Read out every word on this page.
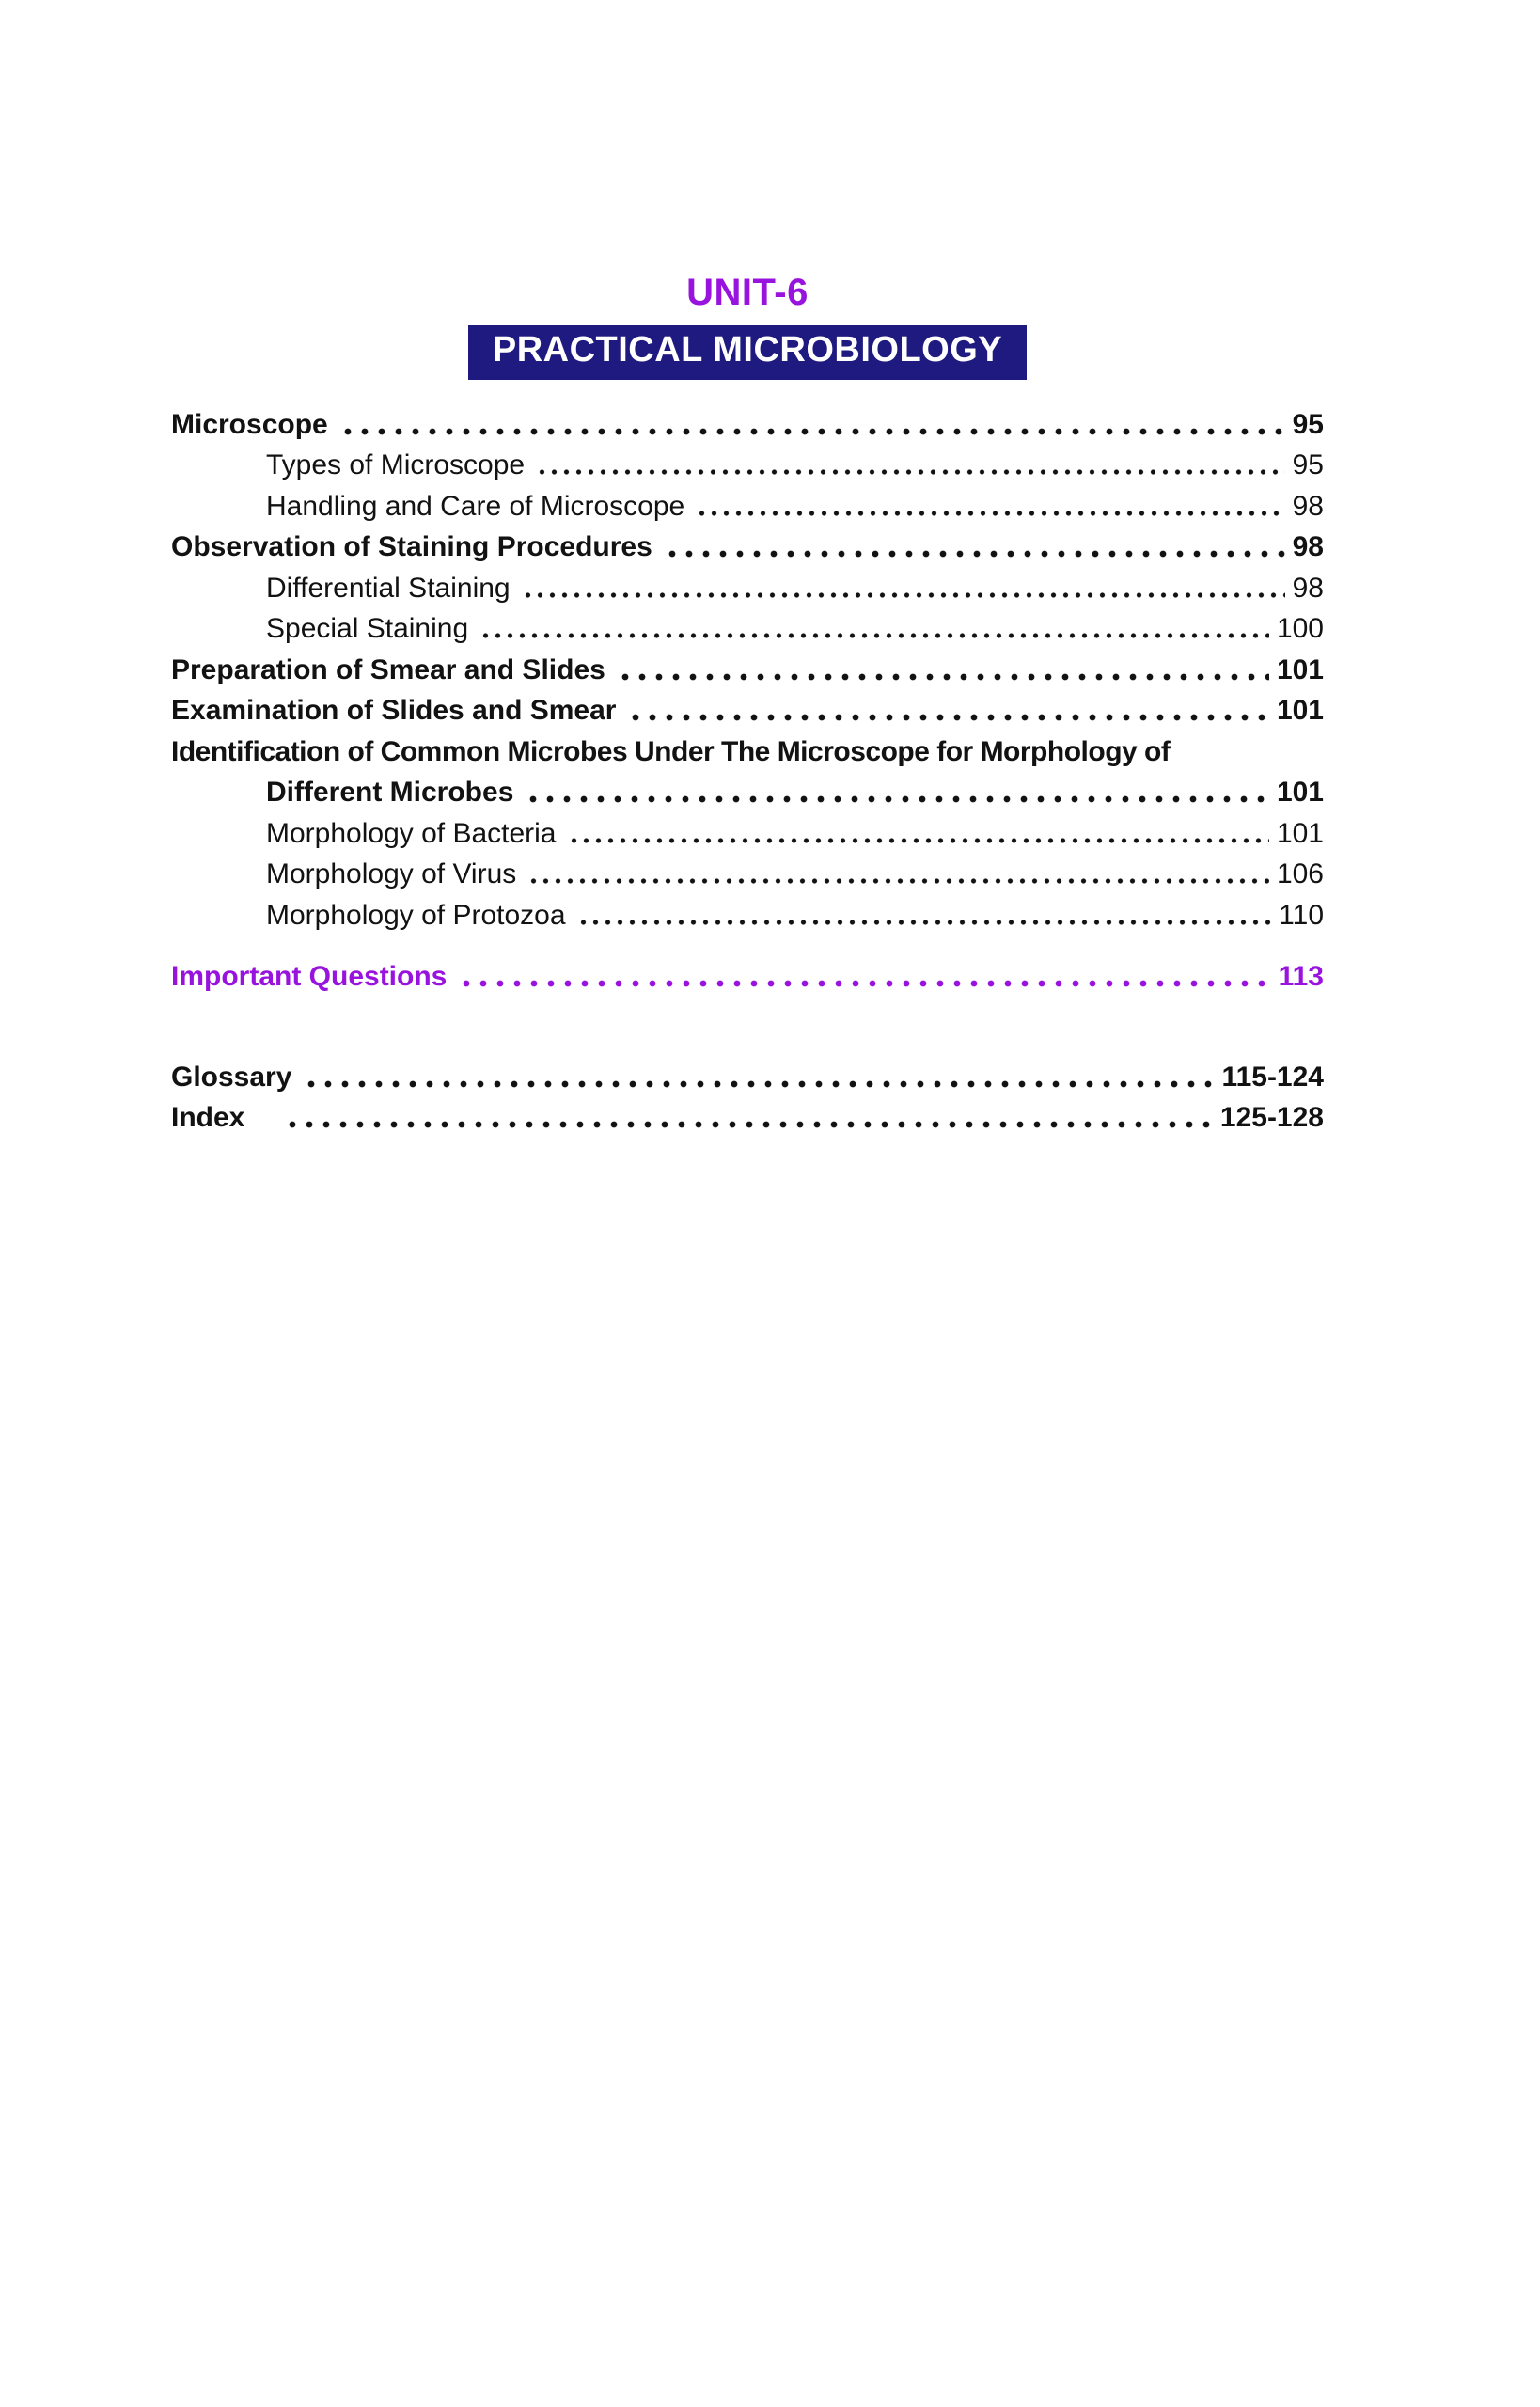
UNIT-6
PRACTICAL MICROBIOLOGY
Microscope	95
Types of Microscope	95
Handling and Care of Microscope	98
Observation of Staining Procedures	98
Differential Staining	98
Special Staining	100
Preparation of Smear and Slides	101
Examination of Slides and Smear	101
Identification of Common Microbes Under The Microscope for Morphology of
Different Microbes	101
Morphology of Bacteria	101
Morphology of Virus	106
Morphology of Protozoa	110
Important Questions	113
Glossary	115-124
Index	125-128
